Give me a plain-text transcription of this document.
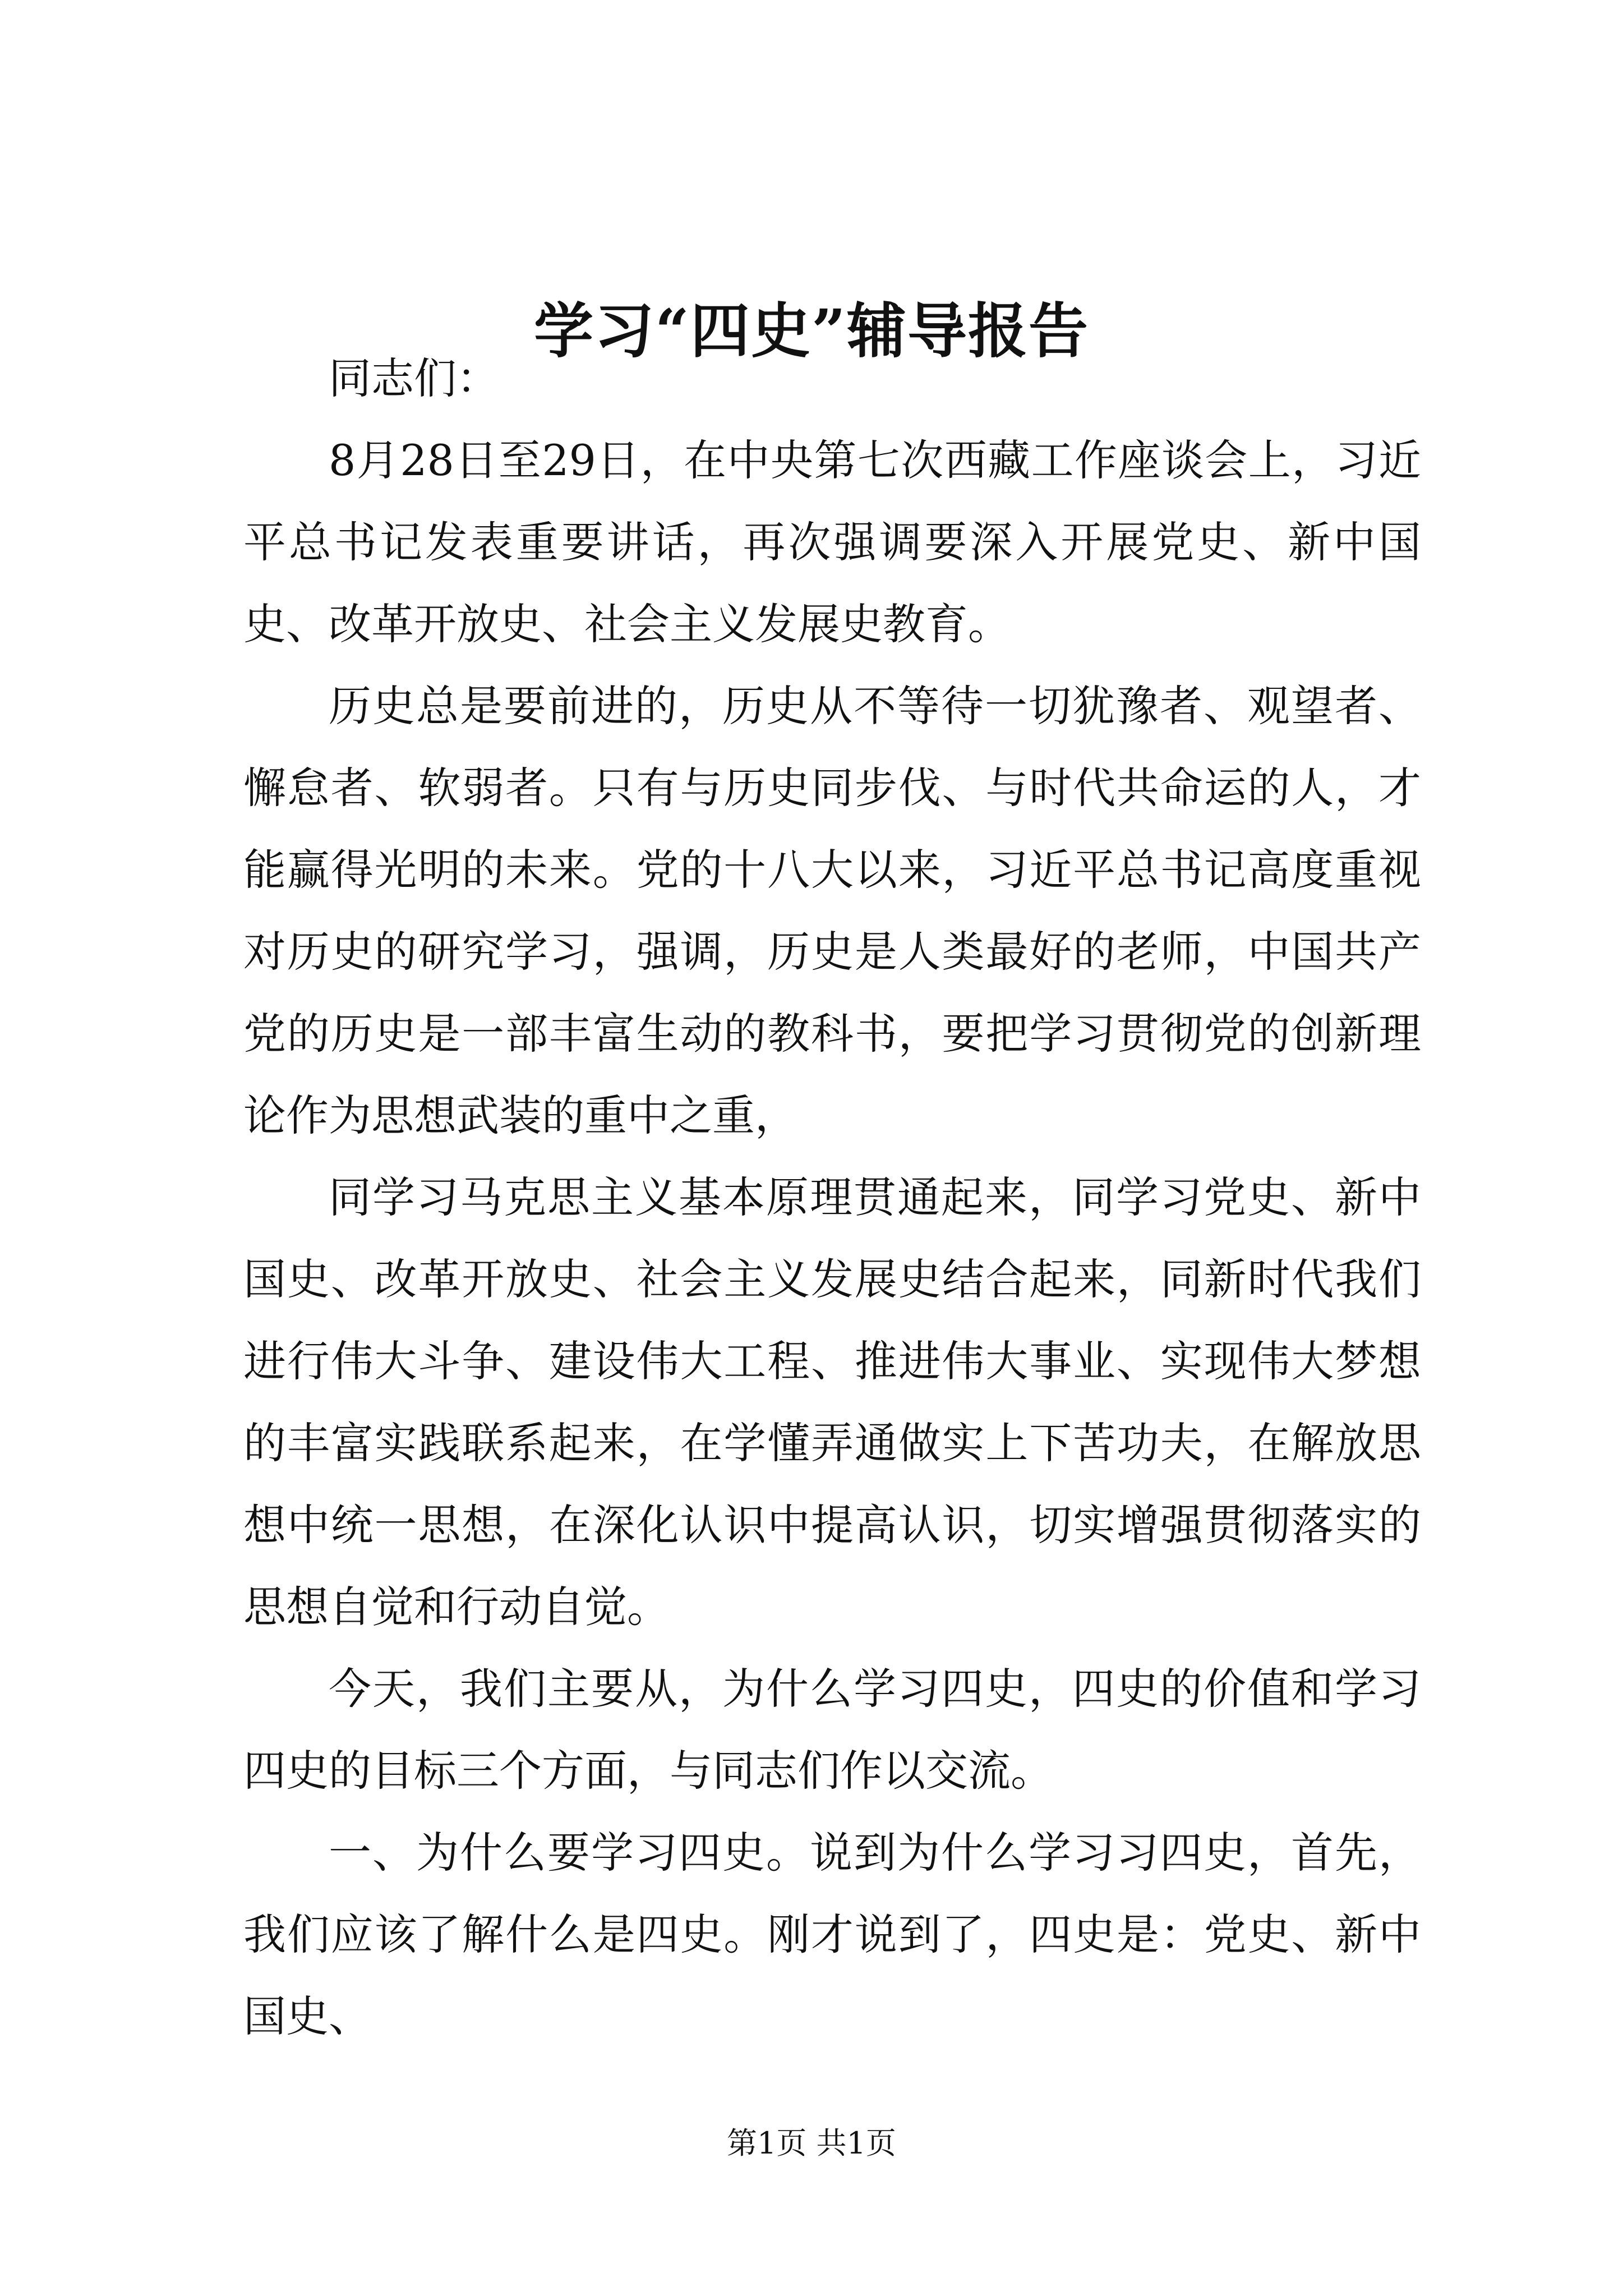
学习“四史”辅导报告

同志们：

8月28日至29日，在中央第七次西藏工作座谈会上，习近平总书记发表重要讲话，再次强调要深入开展党史、新中国史、改革开放史、社会主义发展史教育。

历史总是要前进的，历史从不等待一切犹豫者、观望者、懈怠者、软弱者。只有与历史同步伐、与时代共命运的人，才能赢得光明的未来。党的十八大以来，习近平总书记高度重视对历史的研究学习，强调，历史是人类最好的老师，中国共产党的历史是一部丰富生动的教科书，要把学习贯彻党的创新理论作为思想武装的重中之重，

同学习马克思主义基本原理贯通起来，同学习党史、新中国史、改革开放史、社会主义发展史结合起来，同新时代我们进行伟大斗争、建设伟大工程、推进伟大事业、实现伟大梦想的丰富实践联系起来，在学懂弄通做实上下苦功夫，在解放思想中统一思想，在深化认识中提高认识，切实增强贯彻落实的思想自觉和行动自觉。

今天，我们主要从，为什么学习四史，四史的价值和学习四史的目标三个方面，与同志们作以交流。

一、为什么要学习四史。说到为什么学习习四史，首先，我们应该了解什么是四史。刚才说到了，四史是：党史、新中国史、

第1页 共1页
